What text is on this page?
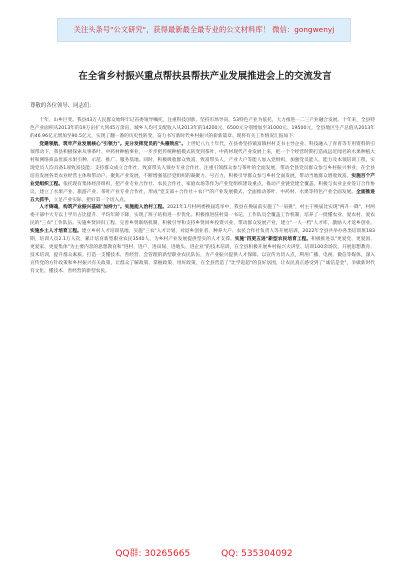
关注头条号"公文研究"，获得最新最全最专业的公文材料库！ 微信：gongwenyj
在全省乡村振兴重点帮扶县帮扶产业发展推进会上的交流发言
尊敬的各位领导、同志们：

十年、山乡巨变。我县43万人民群众始终牢记省委领导嘱托，注重科技创新、坚持市场导向，53特色产业为依托，大力推进一二三产业融合发展。十年来，全县特色产业面积从2013年的19万亩扩大到45万余亩，城乡人均可支配收入从2013年的14200元、6500元分别增加至31000元、19500元，全县地区生产总值从2013年的46.96亿元增加至90.5亿元，实现了翻一番的历史性转变，奋力书写新时代乡村振兴的崭新篇章。现将有关工作情况汇报如下：

党建领航，筑牢产业发展核心"引领力"。充分发挥党员的"头雁效应"。上世纪八九十年代，在县委坚持镇富镇村村支书主导企业、科技融入了青青等专用资料的引领带动下，我县积极探索从事茶叶、中药材种植事业，一步步把传统种植模式转变到茶叶、中药材现代产业发展上来，把一个个经营时期打造成远近闻名的水果种植大村和网络商品优质水果引种、示范、推广、服务基地。同时，积极吸收群众致富、致富带头人，产业大户等能人加入党组织，加强党员能人、能力及本领培训工程，实现党员人均具备1项致富技能；支持群众成立合作社、致富带头人领办专业合作社，注重引领群众参与茶叶的全面发展，带动全县党员群众参与乡村振兴事业，在全县培育发展各类农业经营主体和带动户。聚焦产业发展，不断增强基层党组织的凝聚力、号召力，积极引导群众参与乡村全面发展，带动当地群众增收致富。实施百个产业党组织工程。依托现有集体经济组织，把产业专业合作社、农民合作社、家庭农场等作为产业党组织建设重点，推动产业链党建全覆盖。积极与农业企业签订合作协议，建立了水果产业、旅游产业、茶叶产业专业合作社，形成"党支部＋合作社＋农户"的产业发展模式，全面推动茶叶、中药材、水果等特色产业全面发展。全面推进五大抓手，立足产业实际，把好第一个切入点。

人才铸魂，构筑产业振兴基础"加持力"。实施能人治村工程。2021年1月村两委换届选举中，我县在换届前实施了"一肩挑"，村主干换届比实现"两升一降"，村两委干部中大专以上学历占比提升、平均年龄下降，实现了班子结构进一步优化。积极推进驻村第一书记、工作队员全覆盖工作机制，培养了一批懂农业、爱农村、爱农民的"三农"工作队伍。实施乡贤回归工程、完善乡贤联络机制，积极引导和支持乡贤回乡投资兴业、带动群众发展产业，建立"一人一档"人才库，激励人才返乡创业。实施乡土人才培育工程。建立乡村人才培训基地，实施"三农"人才计划，对返乡创业者、种养大户、农民合作社负责人等开展培训，2022年全县共举办各类培训班183期，培训人员2.1万人次，累计培育新型职业农民3540人，为乡村产业发展提供坚实的人才支撑。实施"四更五进"新型农民培育工程。积极推进以"更爱党、更爱国、更爱家、更爱集体"为主要内容的思想教育和"进村、进户、进田间、进地头、进企业"的技术培训，在全县积极开展乡村振兴大讲堂、培训100余场次，开展思想教育、技术培训，提升群众素质。打造一支懂技术、善经营、会管理的新型职业农民队伍，为产业振兴提供人才保障。以宣传为切入点，利用广播、电视、微信等媒体，深入宣传党的方针政策和乡村振兴有关政策，让群众了解政策、掌握政策、用好政策，在全县营造了"比学赶超"的良好氛围，让农民真正感受到了"诚信是金"，争做新时代有文化、懂技术、善经营的新型农民。

QQ群: 30265665	QQ: 535304092
